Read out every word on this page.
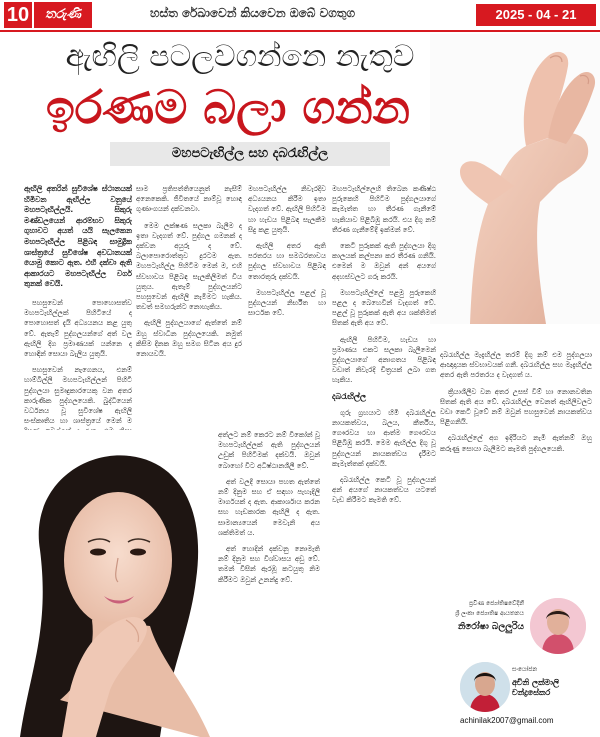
10	තරුණි	හස්ත රේඛාවෙන් කියවෙන ඔබේ වගතුග	2025 - 04 - 21
ඇඟිලි පටලවගන්නෙ නැතුව
ඉරණම බලා ගන්න
මහපටැඟිල්ල සහ දබරැඟිල්ල

ඇඟිලි අතරින් සුවිශේෂ ස්ථානයක් හිමිවන ඇඟිල්ල වනුයේ මහපටැඟිල්ලයි. සිකුරු මණ්ඩලයෙන් ආරම්භව සිකුරු ගුහාවට අයත් යයි සැලකෙන මහපටැඟිල්ල පිළිබඳ සාමුද්‍රික ශාස්ත්‍රයේ සුවිශේෂ අවධානයක් යොමු කොට ඇත. එහි දක්වා ඇති ආකාරයට මහපටැඟිල්ල වර්ග තුනක් වෙයි.

පහසුවෙන් පොහොසත්ව මහපටැඟිල්ලක් පිහිටියේ ද පොහොසත් දැයි අධ්‍යයනය කළ යුතු වේ. ඇතැම් පුද්ගලයන්ගේ අත් වල ඇඟිලි දිග ප්‍රමාණයක් යන්නෙ ද හොඳින් සොයා බැලිය යුතුයි.

පහසුවෙන් නැගෙනය, එනම් හාම්බිල්ලි මහපටැඟිල්ලන් පිහිටි පුද්ගලයා සුමෘදුකාරයෙකු වන අතර කාරුණික පුද්ගලයෙකි. බුද්ධියෙන් වර්ධනය වූ සුවිශේෂ ඇඟිලි සංස්කෘතිය හා ශාස්ත්‍රයේ මෙන් ම

සාම ප්‍රතිපත්තියෙනුත් නැසීම් අනෙකෙකි. ජීවිතයේ නාම්වූ හොඳ ගුණාංගයන් දක්වනවා.

මෙම ලක්ෂණ සලකා බැලීම ද ඉතා වැදගත් වේ. පුද්ගල ගමනක් ද දක්වන අයුරු ද වේ. බලාපොරොත්තුව දුරටම ඇත. මහපටැඟිල්ල පිහිටීම මෙන් ම, එහි ස්වභාවය පිළිබඳ සැලකිලිමත් විය යුතුය. ඇතැම් පුද්ගලයන්ට පහසුවෙන් ඇඟිලි නැමීමට හැකිය. තවත් සමහරුන්ට නොහැකිය.

ඇඟිලි පුද්ගලයාගේ ඇත්තේ නම් ඔහු ස්වාධීන පුද්ගලයෙකි. නමුත් කිසිම දිනක ඔහු සමග සිටින අය දුර නොයවයි.

අත්ලට නම් කෙරට නම් විකෝන් වූ මහපටැඟිල්ලක් ඇති පුද්ගලයන් උඩුක් පිහිටීමක් දක්වයි. ඔවුන් බොහෝ විට අධිෂ්ඨානශීලී වේ.

අත් වලදී සොයා පහත ඇත්තේ නම් දිනුම සහ ඒ සඳහා පැහැදිලි මාර්ගයක් ද ඇත. ආකාර්ශාය කරන සහ හැඩකාරක ඇඟිලි ද ඇත. සාමාන්‍යයෙන් මෙවැනි අය ශක්තිමත් ය.

අත් හොදින් දක්වනු නොමැති නම් දිනුම සහ විශ්වාසය අඩු වේ. තමන් විසින් ඇරඹූ කටයුතු නිම කිරීමට ඔවුන් උනන්දු වේ.

මහපටැඟිල්ල නිවැරදිව අධ්‍යයනය කිරීම ඉතා වැදගත් වේ. ඇඟිලි පිහිටීම හා හැඩය පිළිබඳ සැලකීම සිදු කළ යුතුයි.

ඇඟිලි අතර ඇති පරතරය හා සමබරතාවය පුද්ගල ස්වභාවය පිළිබඳ තොරතුරු දක්වයි.

මහපටැඟිල්ල පළල් වූ පුද්ගලයන් නිර්භීත හා සාර්ථක වේ.

මහපටැඟිල්ලෙහි තිබෙන කණිෂ්ඨ පුරුකෙහි පිහිටීම පුද්ගලයාගේ කැමැත්ත හා තීරණ ගැනීමේ හැකියාව පිළිබිඹු කරයි. එය දිගු නම් තීරණ ගැනීමේදී ඉක්මන් වේ.

කෙටි පුරුකක් ඇති පුද්ගලයා දිගු කාලයක් කල්පනා කර තීරණ ගනියි. එමෙන් ම ඔවුන් අන් අයගේ අදහස්වලට ගරු කරයි.

මහපටැඟිල්ලේ පළමු පුරුකෙහි පළල ද බෙහෙවින් වැදගත් වේ. පළල් වූ පුරුකක් ඇති අය ශක්තිමත් සිතක් ඇති අය වේ.

ඇඟිලි පිහිටීම, හැඩය හා ප්‍රමාණය එකට සලකා බැලීමෙන් පුද්ගලයාගේ අනාගතය පිළිබඳ වඩාත් නිවැරදි චිත්‍රයක් ලබා ගත හැකිය.

දබරැඟිල්ල

ගුරු ග්‍රහයාට හිමි දබරැඟිල්ල නායකත්වය, බලය, කීර්තිය, ගෞරවය හා ආත්ම ගෞරවය පිළිබිඹු කරයි. මෙම ඇඟිල්ල දිගු වූ පුද්ගලයන් නායකත්වය දැරීමට කැමැත්තක් දක්වයි.

දබරැඟිල්ල කෙටි වූ පුද්ගලයන් අන් අයගේ නායකත්වය යටතේ වැඩ කිරීමට කැමති වේ.

දබරැඟිල්ල මැදැඟිල්ල තරම් දිගු නම් එම පුද්ගලයා ආඥාදායක ස්වභාවයක් ගනී. දබරැඟිල්ල සහ මැදැඟිල්ල අතර ඇති පරතරය ද වැදගත් ය.

ක්‍රියාශීලීව වන අතර උසස් වීම් හා නොනවතින සිතක් ඇති අය වේ. දබරැඟිල්ල වෙනත් ඇඟිලිවලට වඩා කෙටි වූවේ නම් ඔවුන් පහසුවෙන් නායකත්වය පිළිගනියි.

දබරැඟිල්ලේ අග ඉදිරියට නැමී ඇත්නම් ඔහු කරුණු සොයා බැලීමට කැමති පුද්ගලයෙකි.

ප්‍රවීණ ජ්‍යෝතිෂවේදිනී
ශ්‍රී ලංකා ජ්‍යොතිෂ ආයතනය
නිරෝෂා බලලුරිය
සංයෝජන
අචිනි ලක්මාලි චන්ද්‍රසේකර
achinilak2007@gmail.com
